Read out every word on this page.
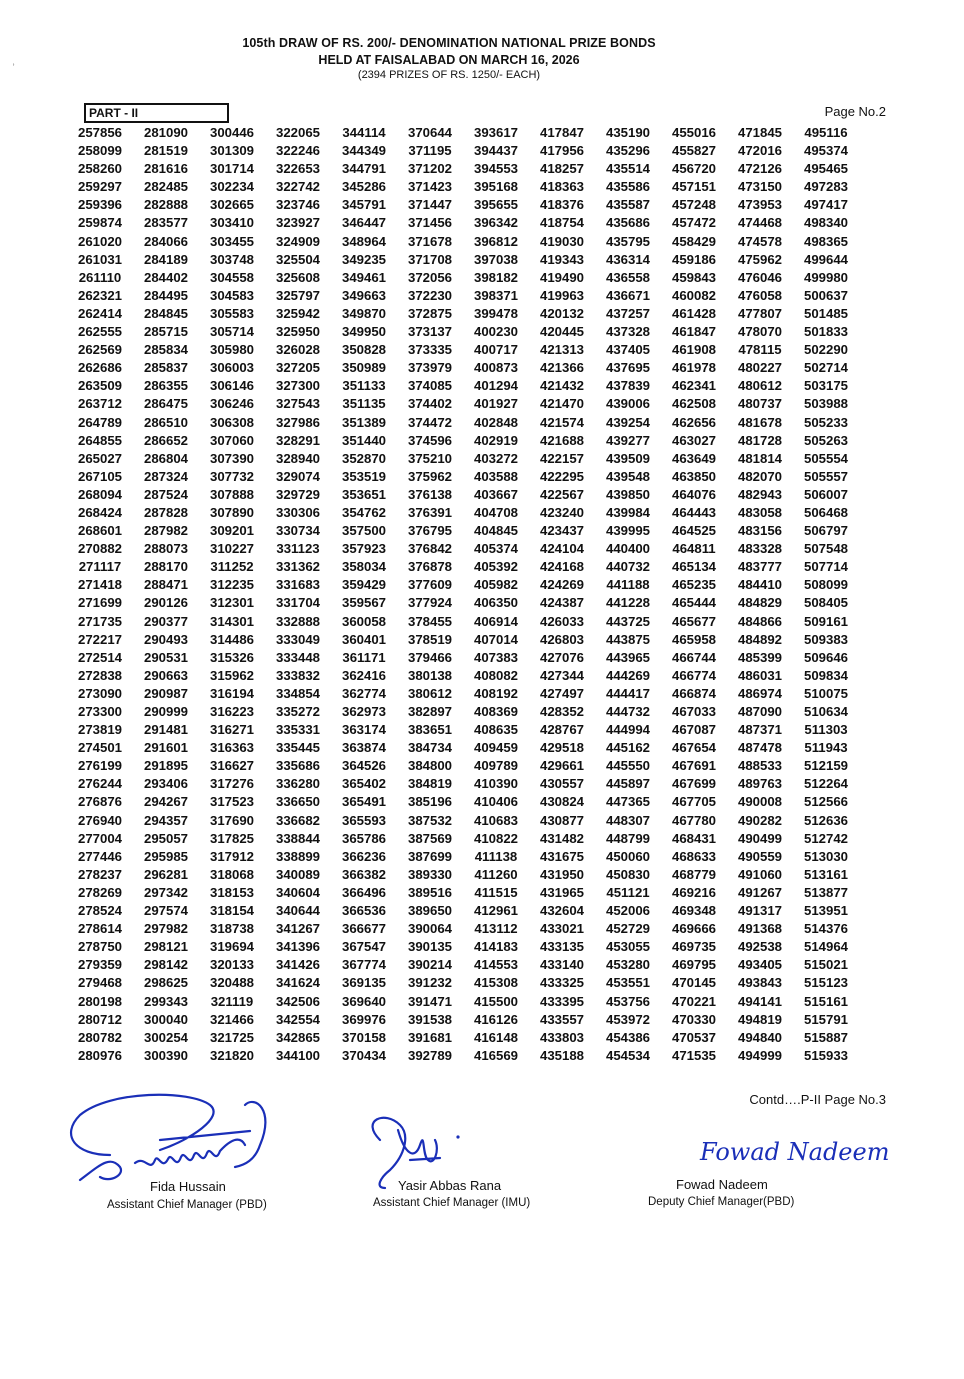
˒
105th DRAW OF RS. 200/- DENOMINATION NATIONAL PRIZE BONDS
HELD AT FAISALABAD ON MARCH 16, 2026
(2394 PRIZES OF RS. 1250/- EACH)
PART - II	Page No.2
257856	281090	300446	322065	344114	370644	393617	417847	435190	455016	471845	495116
258099	281519	301309	322246	344349	371195	394437	417956	435296	455827	472016	495374
258260	281616	301714	322653	344791	371202	394553	418257	435514	456720	472126	495465
259297	282485	302234	322742	345286	371423	395168	418363	435586	457151	473150	497283
259396	282888	302665	323746	345791	371447	395655	418376	435587	457248	473953	497417
259874	283577	303410	323927	346447	371456	396342	418754	435686	457472	474468	498340
261020	284066	303455	324909	348964	371678	396812	419030	435795	458429	474578	498365
261031	284189	303748	325504	349235	371708	397038	419343	436314	459186	475962	499644
261110	284402	304558	325608	349461	372056	398182	419490	436558	459843	476046	499980
262321	284495	304583	325797	349663	372230	398371	419963	436671	460082	476058	500637
262414	284845	305583	325942	349870	372875	399478	420132	437257	461428	477807	501485
262555	285715	305714	325950	349950	373137	400230	420445	437328	461847	478070	501833
262569	285834	305980	326028	350828	373335	400717	421313	437405	461908	478115	502290
262686	285837	306003	327205	350989	373979	400873	421366	437695	461978	480227	502714
263509	286355	306146	327300	351133	374085	401294	421432	437839	462341	480612	503175
263712	286475	306246	327543	351135	374402	401927	421470	439006	462508	480737	503988
264789	286510	306308	327986	351389	374472	402848	421574	439254	462656	481678	505233
264855	286652	307060	328291	351440	374596	402919	421688	439277	463027	481728	505263
265027	286804	307390	328940	352870	375210	403272	422157	439509	463649	481814	505554
267105	287324	307732	329074	353519	375962	403588	422295	439548	463850	482070	505557
268094	287524	307888	329729	353651	376138	403667	422567	439850	464076	482943	506007
268424	287828	307890	330306	354762	376391	404708	423240	439984	464443	483058	506468
268601	287982	309201	330734	357500	376795	404845	423437	439995	464525	483156	506797
270882	288073	310227	331123	357923	376842	405374	424104	440400	464811	483328	507548
271117	288170	311252	331362	358034	376878	405392	424168	440732	465134	483777	507714
271418	288471	312235	331683	359429	377609	405982	424269	441188	465235	484410	508099
271699	290126	312301	331704	359567	377924	406350	424387	441228	465444	484829	508405
271735	290377	314301	332888	360058	378455	406914	426033	443725	465677	484866	509161
272217	290493	314486	333049	360401	378519	407014	426803	443875	465958	484892	509383
272514	290531	315326	333448	361171	379466	407383	427076	443965	466744	485399	509646
272838	290663	315962	333832	362416	380138	408082	427344	444269	466774	486031	509834
273090	290987	316194	334854	362774	380612	408192	427497	444417	466874	486974	510075
273300	290999	316223	335272	362973	382897	408369	428352	444732	467033	487090	510634
273819	291481	316271	335331	363174	383651	408635	428767	444994	467087	487371	511303
274501	291601	316363	335445	363874	384734	409459	429518	445162	467654	487478	511943
276199	291895	316627	335686	364526	384800	409789	429661	445550	467691	488533	512159
276244	293406	317276	336280	365402	384819	410390	430557	445897	467699	489763	512264
276876	294267	317523	336650	365491	385196	410406	430824	447365	467705	490008	512566
276940	294357	317690	336682	365593	387532	410683	430877	448307	467780	490282	512636
277004	295057	317825	338844	365786	387569	410822	431482	448799	468431	490499	512742
277446	295985	317912	338899	366236	387699	411138	431675	450060	468633	490559	513030
278237	296281	318068	340089	366382	389330	411260	431950	450830	468779	491060	513161
278269	297342	318153	340604	366496	389516	411515	431965	451121	469216	491267	513877
278524	297574	318154	340644	366536	389650	412961	432604	452006	469348	491317	513951
278614	297982	318738	341267	366677	390064	413112	433021	452729	469666	491368	514376
278750	298121	319694	341396	367547	390135	414183	433135	453055	469735	492538	514964
279359	298142	320133	341426	367774	390214	414553	433140	453280	469795	493405	515021
279468	298625	320488	341624	369135	391232	415308	433325	453551	470145	493843	515123
280198	299343	321119	342506	369640	391471	415500	433395	453756	470221	494141	515161
280712	300040	321466	342554	369976	391538	416126	433557	453972	470330	494819	515791
280782	300254	321725	342865	370158	391681	416148	433803	454386	470537	494840	515887
280976	300390	321820	344100	370434	392789	416569	435188	454534	471535	494999	515933
Contd….P-II Page No.3
Fida Hussain
Assistant Chief Manager (PBD)
Yasir Abbas Rana
Assistant Chief Manager (IMU)
Fowad Nadeem
Fowad Nadeem
Deputy Chief Manager(PBD)
